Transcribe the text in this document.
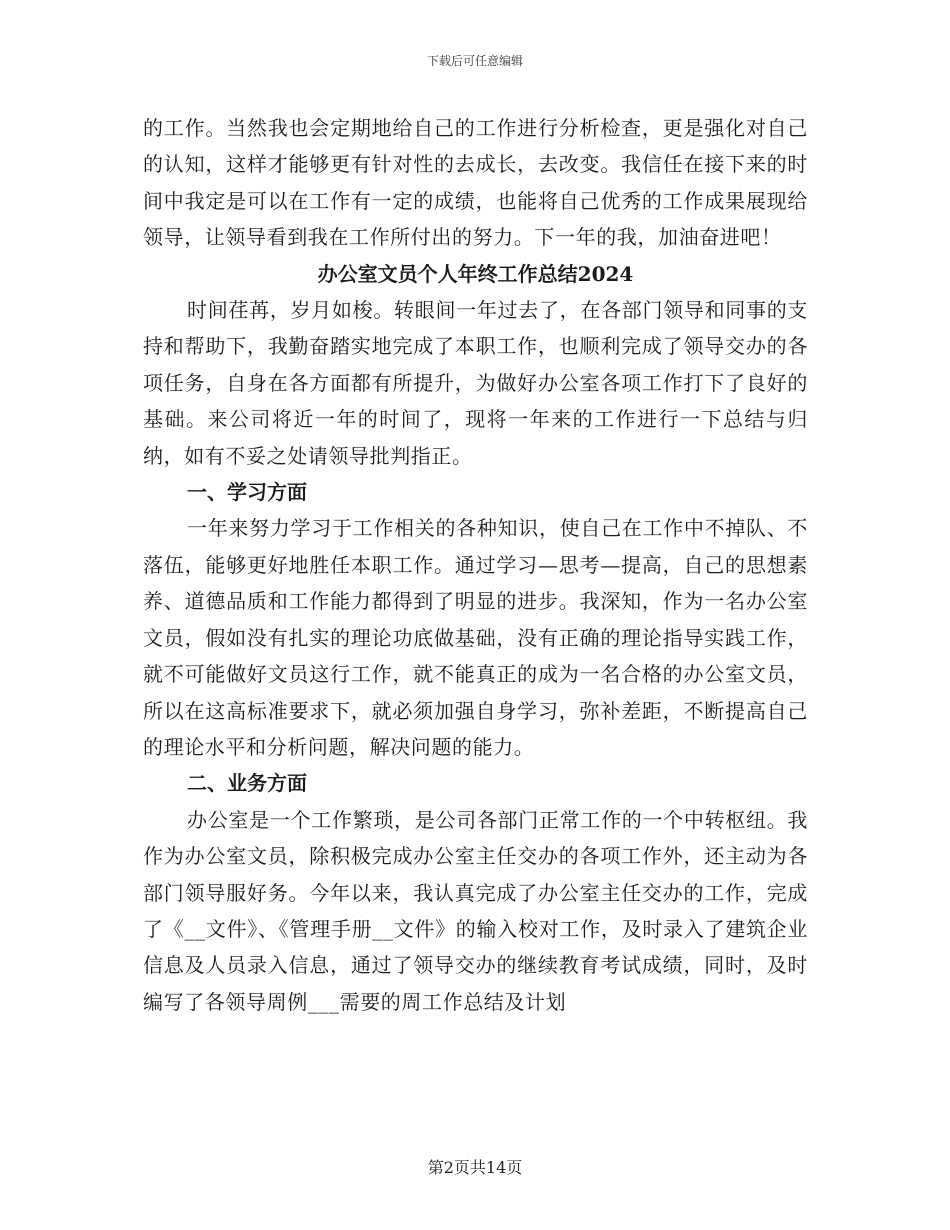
下载后可任意编辑

的工作。当然我也会定期地给自己的工作进行分析检查，更是强化对自己的认知，这样才能够更有针对性的去成长，去改变。我信任在接下来的时间中我定是可以在工作有一定的成绩，也能将自己优秀的工作成果展现给领导，让领导看到我在工作所付出的努力。下一年的我，加油奋进吧！

办公室文员个人年终工作总结2024

时间荏苒，岁月如梭。转眼间一年过去了，在各部门领导和同事的支持和帮助下，我勤奋踏实地完成了本职工作，也顺利完成了领导交办的各项任务，自身在各方面都有所提升，为做好办公室各项工作打下了良好的基础。来公司将近一年的时间了，现将一年来的工作进行一下总结与归纳，如有不妥之处请领导批判指正。

一、学习方面

一年来努力学习于工作相关的各种知识，使自己在工作中不掉队、不落伍，能够更好地胜任本职工作。通过学习—思考—提高，自己的思想素养、道德品质和工作能力都得到了明显的进步。我深知，作为一名办公室文员，假如没有扎实的理论功底做基础，没有正确的理论指导实践工作，就不可能做好文员这行工作，就不能真正的成为一名合格的办公室文员，所以在这高标准要求下，就必须加强自身学习，弥补差距，不断提高自己的理论水平和分析问题，解决问题的能力。

二、业务方面

办公室是一个工作繁琐，是公司各部门正常工作的一个中转枢纽。我作为办公室文员，除积极完成办公室主任交办的各项工作外，还主动为各部门领导服好务。今年以来，我认真完成了办公室主任交办的工作，完成了《__文件》、《管理手册__文件》的输入校对工作，及时录入了建筑企业信息及人员录入信息，通过了领导交办的继续教育考试成绩，同时，及时编写了各领导周例___需要的周工作总结及计划

第2页共14页
